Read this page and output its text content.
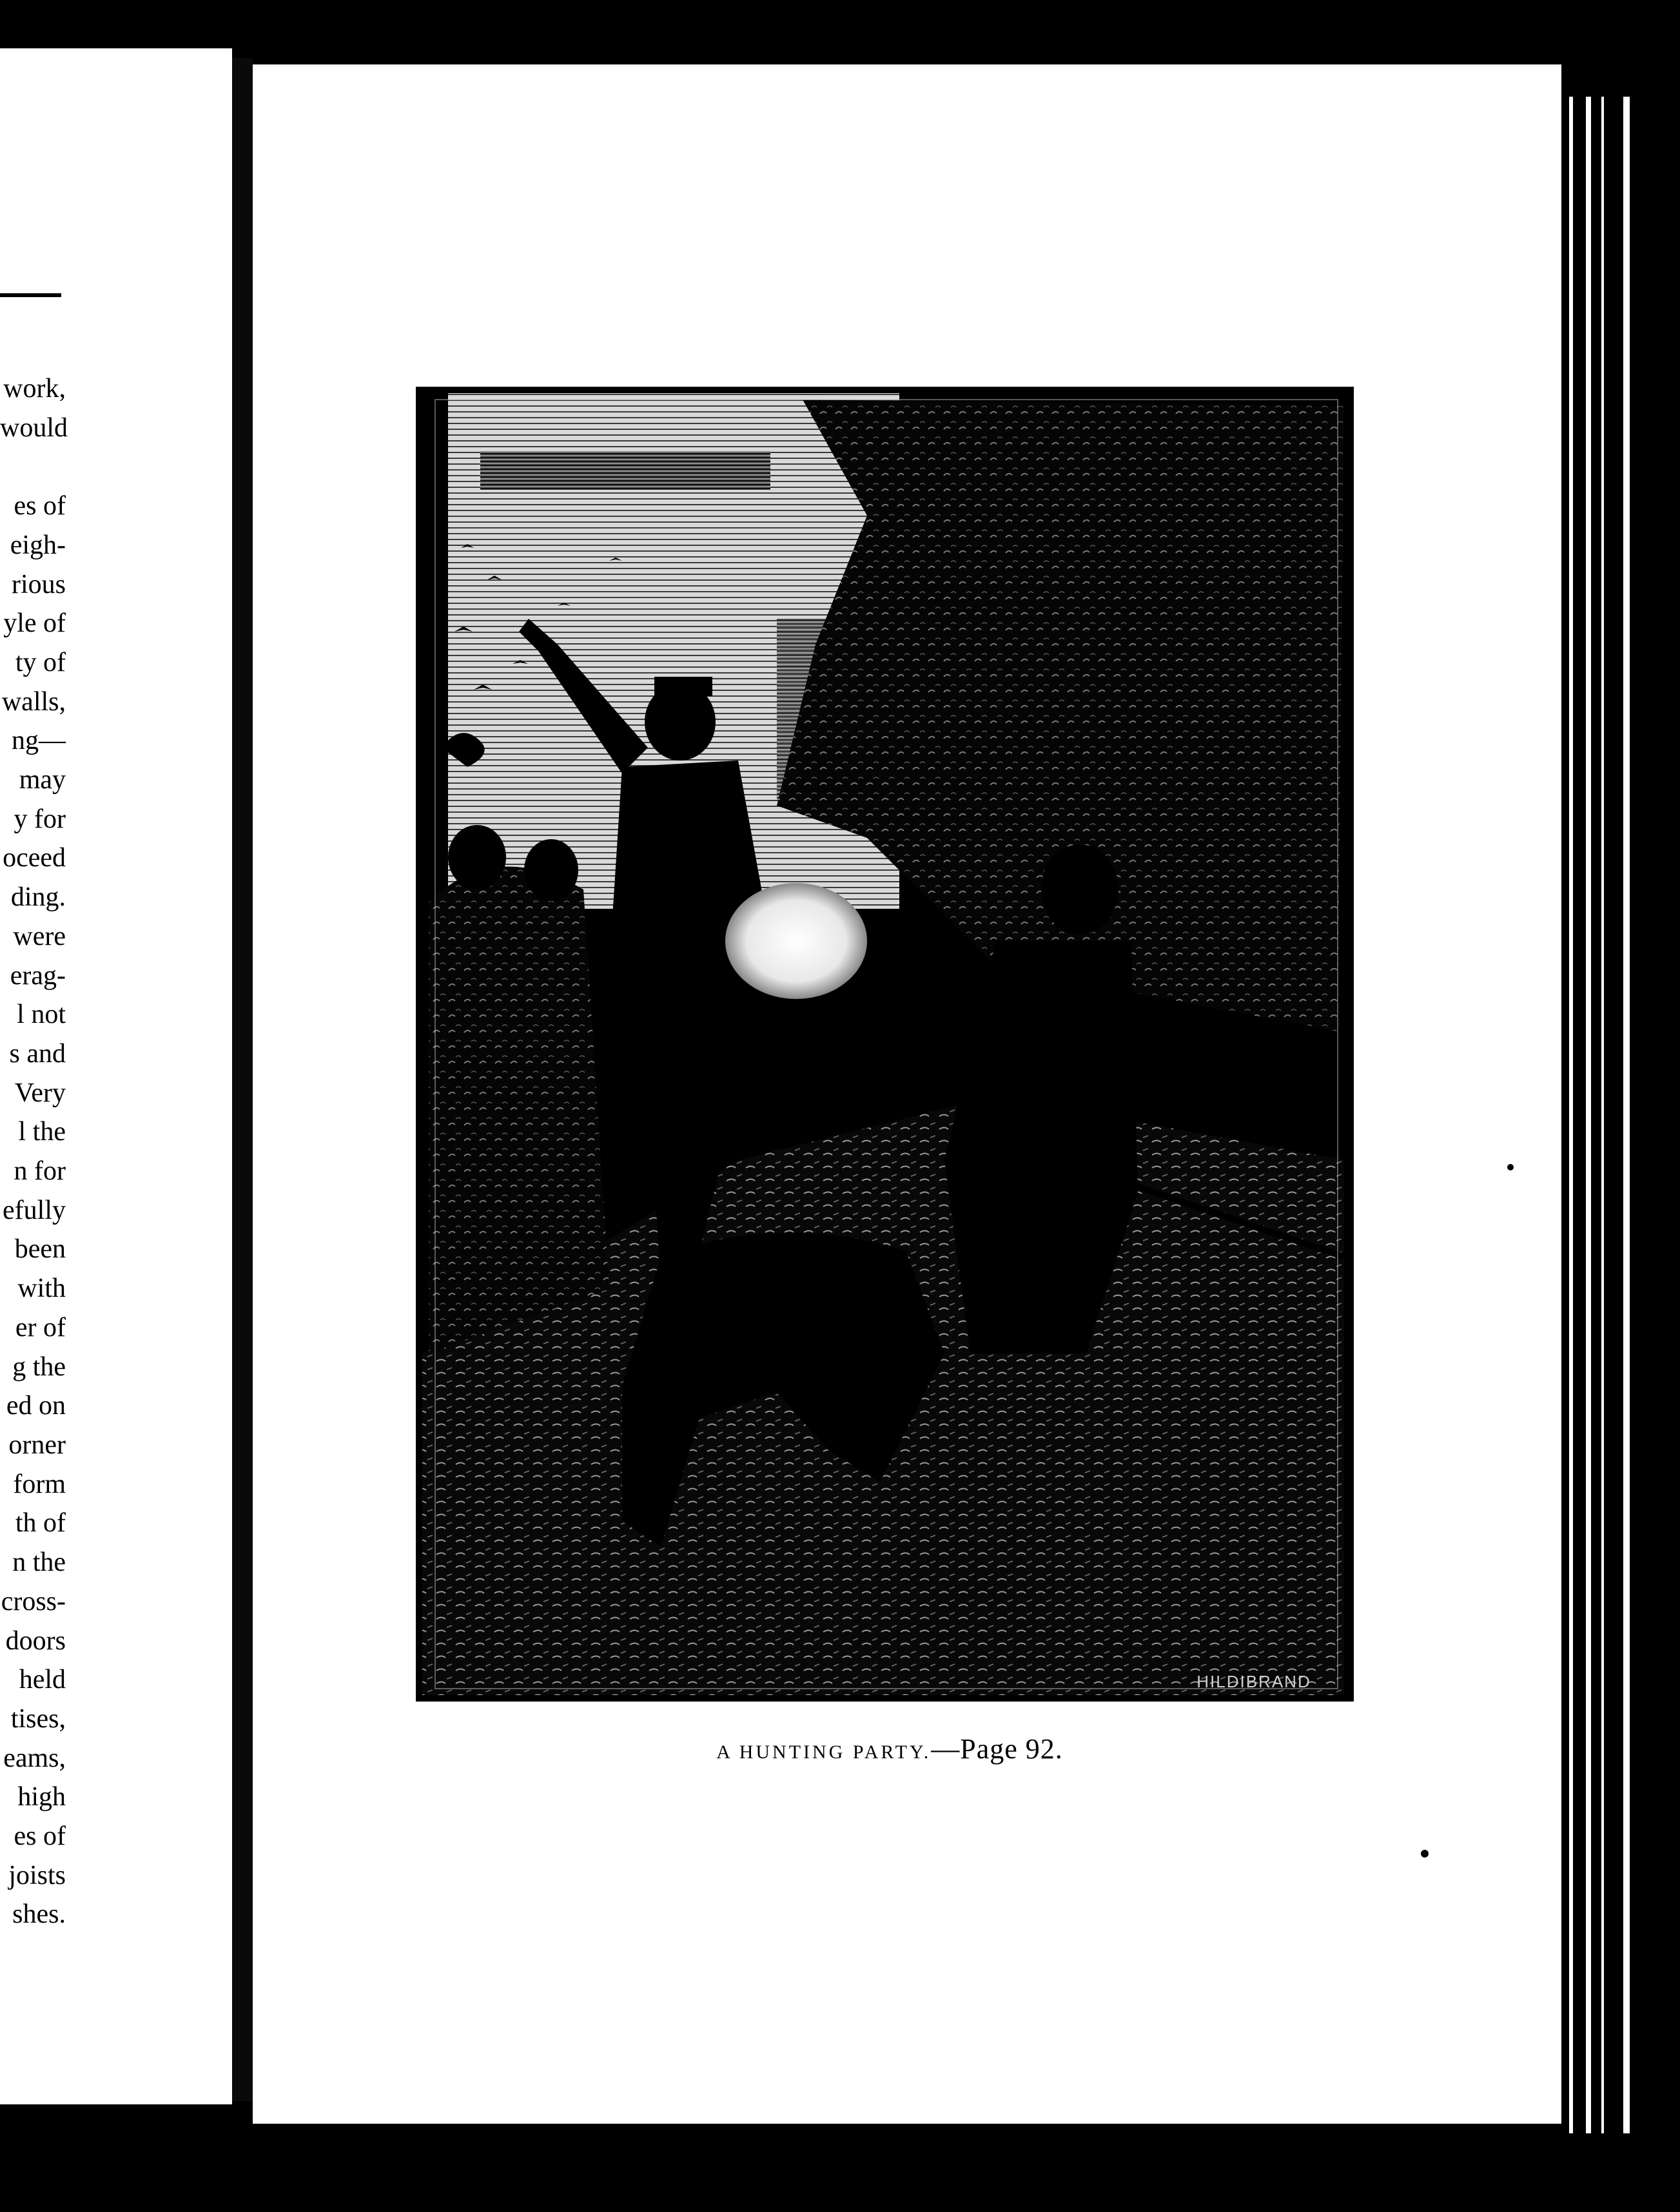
work,
would

es of
eigh-
rious
yle of
ty of
walls,
ng—
may
y for
oceed
ding.
were
erag-
l not
s and
Very
l the
n for
efully
been
with
er of
g the
ed on
orner
form
th of
n the
cross-
doors
held
tises,
eams,
high
es of
joists
shes.
HILDIBRAND
A HUNTING PARTY.—Page 92.
